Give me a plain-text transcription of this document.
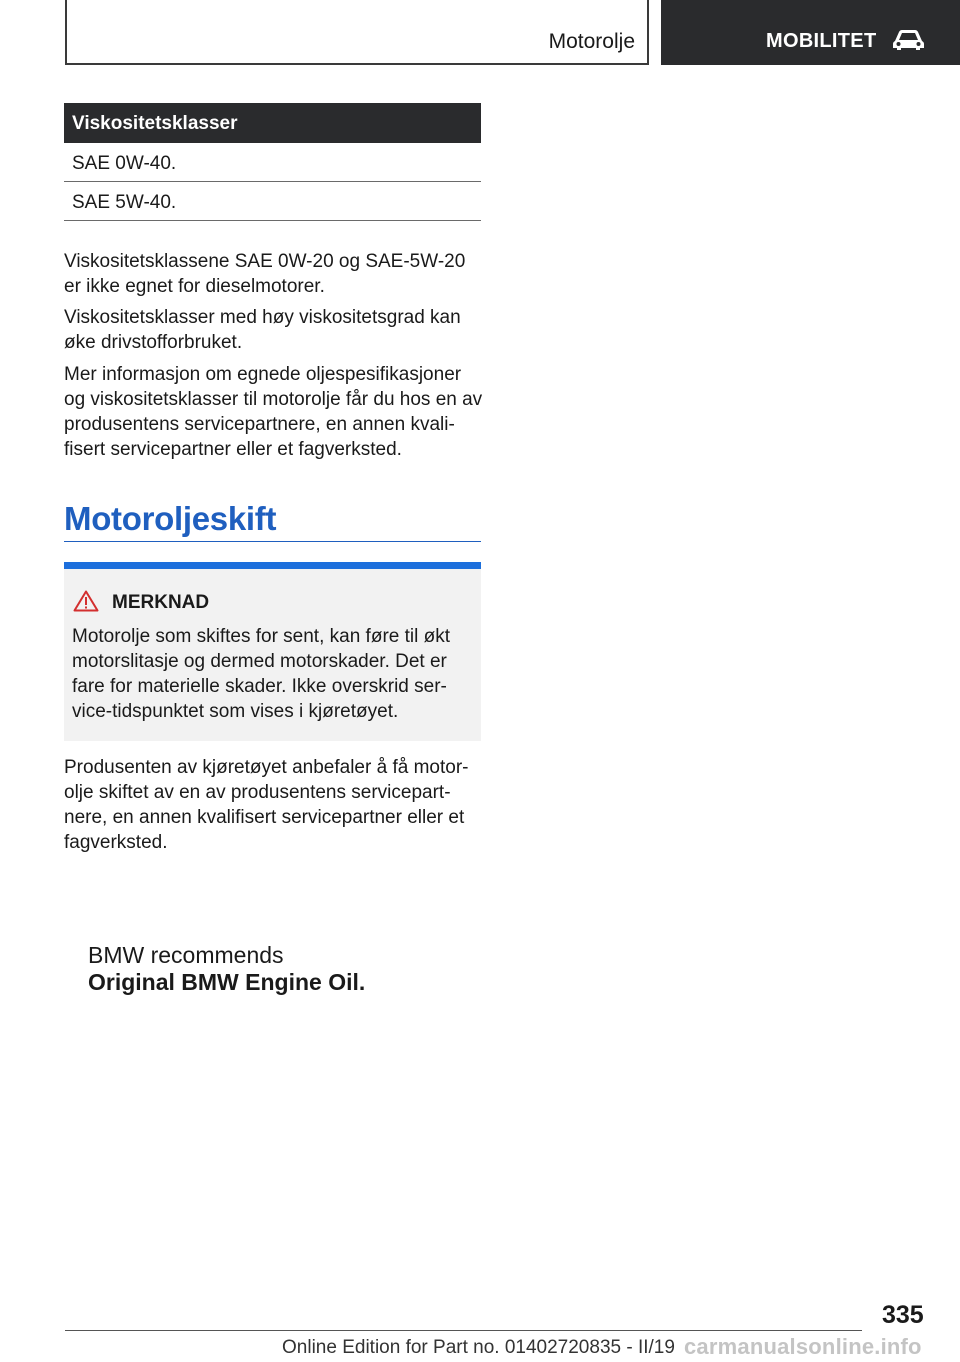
Motorolje	MOBILITET
Viskositetsklasser
SAE 0W-40.
SAE 5W-40.

Viskositetsklassene SAE 0W-20 og SAE-5W-20 er ikke egnet for dieselmotorer.

Viskositetsklasser med høy viskositetsgrad kan øke drivstofforbruket.

Mer informasjon om egnede oljespesifikasjoner og viskositetsklasser til motorolje får du hos en av produsentens servicepartnere, en annen kvali-fisert servicepartner eller et fagverksted.

Motoroljeskift
MERKNAD

Motorolje som skiftes for sent, kan føre til økt motorslitasje og dermed motorskader. Det er fare for materielle skader. Ikke overskrid ser-vice-tidspunktet som vises i kjøretøyet.

Produsenten av kjøretøyet anbefaler å få motor-olje skiftet av en av produsentens servicepart-nere, en annen kvalifisert servicepartner eller et fagverksted.

BMW recommends
Original BMW Engine Oil.
335
Online Edition for Part no. 01402720835 - II/19 carmanualsonline.info
